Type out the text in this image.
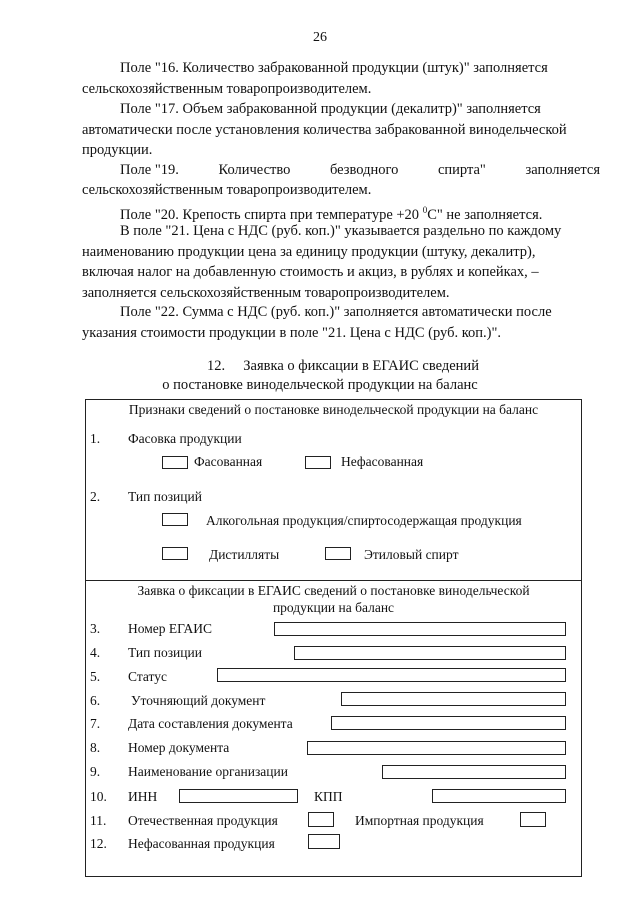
26

Поле "16. Количество забракованной продукции (штук)" заполняется
сельскохозяйственным товаропроизводителем.

Поле "17. Объем забракованной продукции (декалитр)" заполняется
автоматически после установления количества забракованной винодельческой
продукции.

Поле "19.	Количество	безводного	спирта"	заполняется
сельскохозяйственным товаропроизводителем.

Поле "20. Крепость спирта при температуре +20 $^0$С" не заполняется.

В поле "21. Цена с НДС (руб. коп.)" указывается раздельно по каждому
наименованию продукции цена за единицу продукции (штуку, декалитр),
включая налог на добавленную стоимость и акциз, в рублях и копейках, –
заполняется сельскохозяйственным товаропроизводителем.

Поле "22. Сумма с НДС (руб. коп.)" заполняется автоматически после
указания стоимости продукции в поле "21. Цена с НДС (руб. коп.)".

12. Заявка о фиксации в ЕГАИС сведений
о постановке винодельческой продукции на баланс
Признаки сведений о постановке винодельческой продукции на баланс
1. Фасовка продукции
Фасованная	Нефасованная
2. Тип позиций
Алкогольная продукция/спиртосодержащая продукция
Дистилляты	Этиловый спирт
Заявка о фиксации в ЕГАИС сведений о постановке винодельческой
продукции на баланс
3. Номер ЕГАИС
4. Тип позиции
5. Статус
6. Уточняющий документ
7. Дата составления документа
8. Номер документа
9. Наименование организации
10. ИНН	КПП
11. Отечественная продукция	Импортная продукция
12. Нефасованная продукция
